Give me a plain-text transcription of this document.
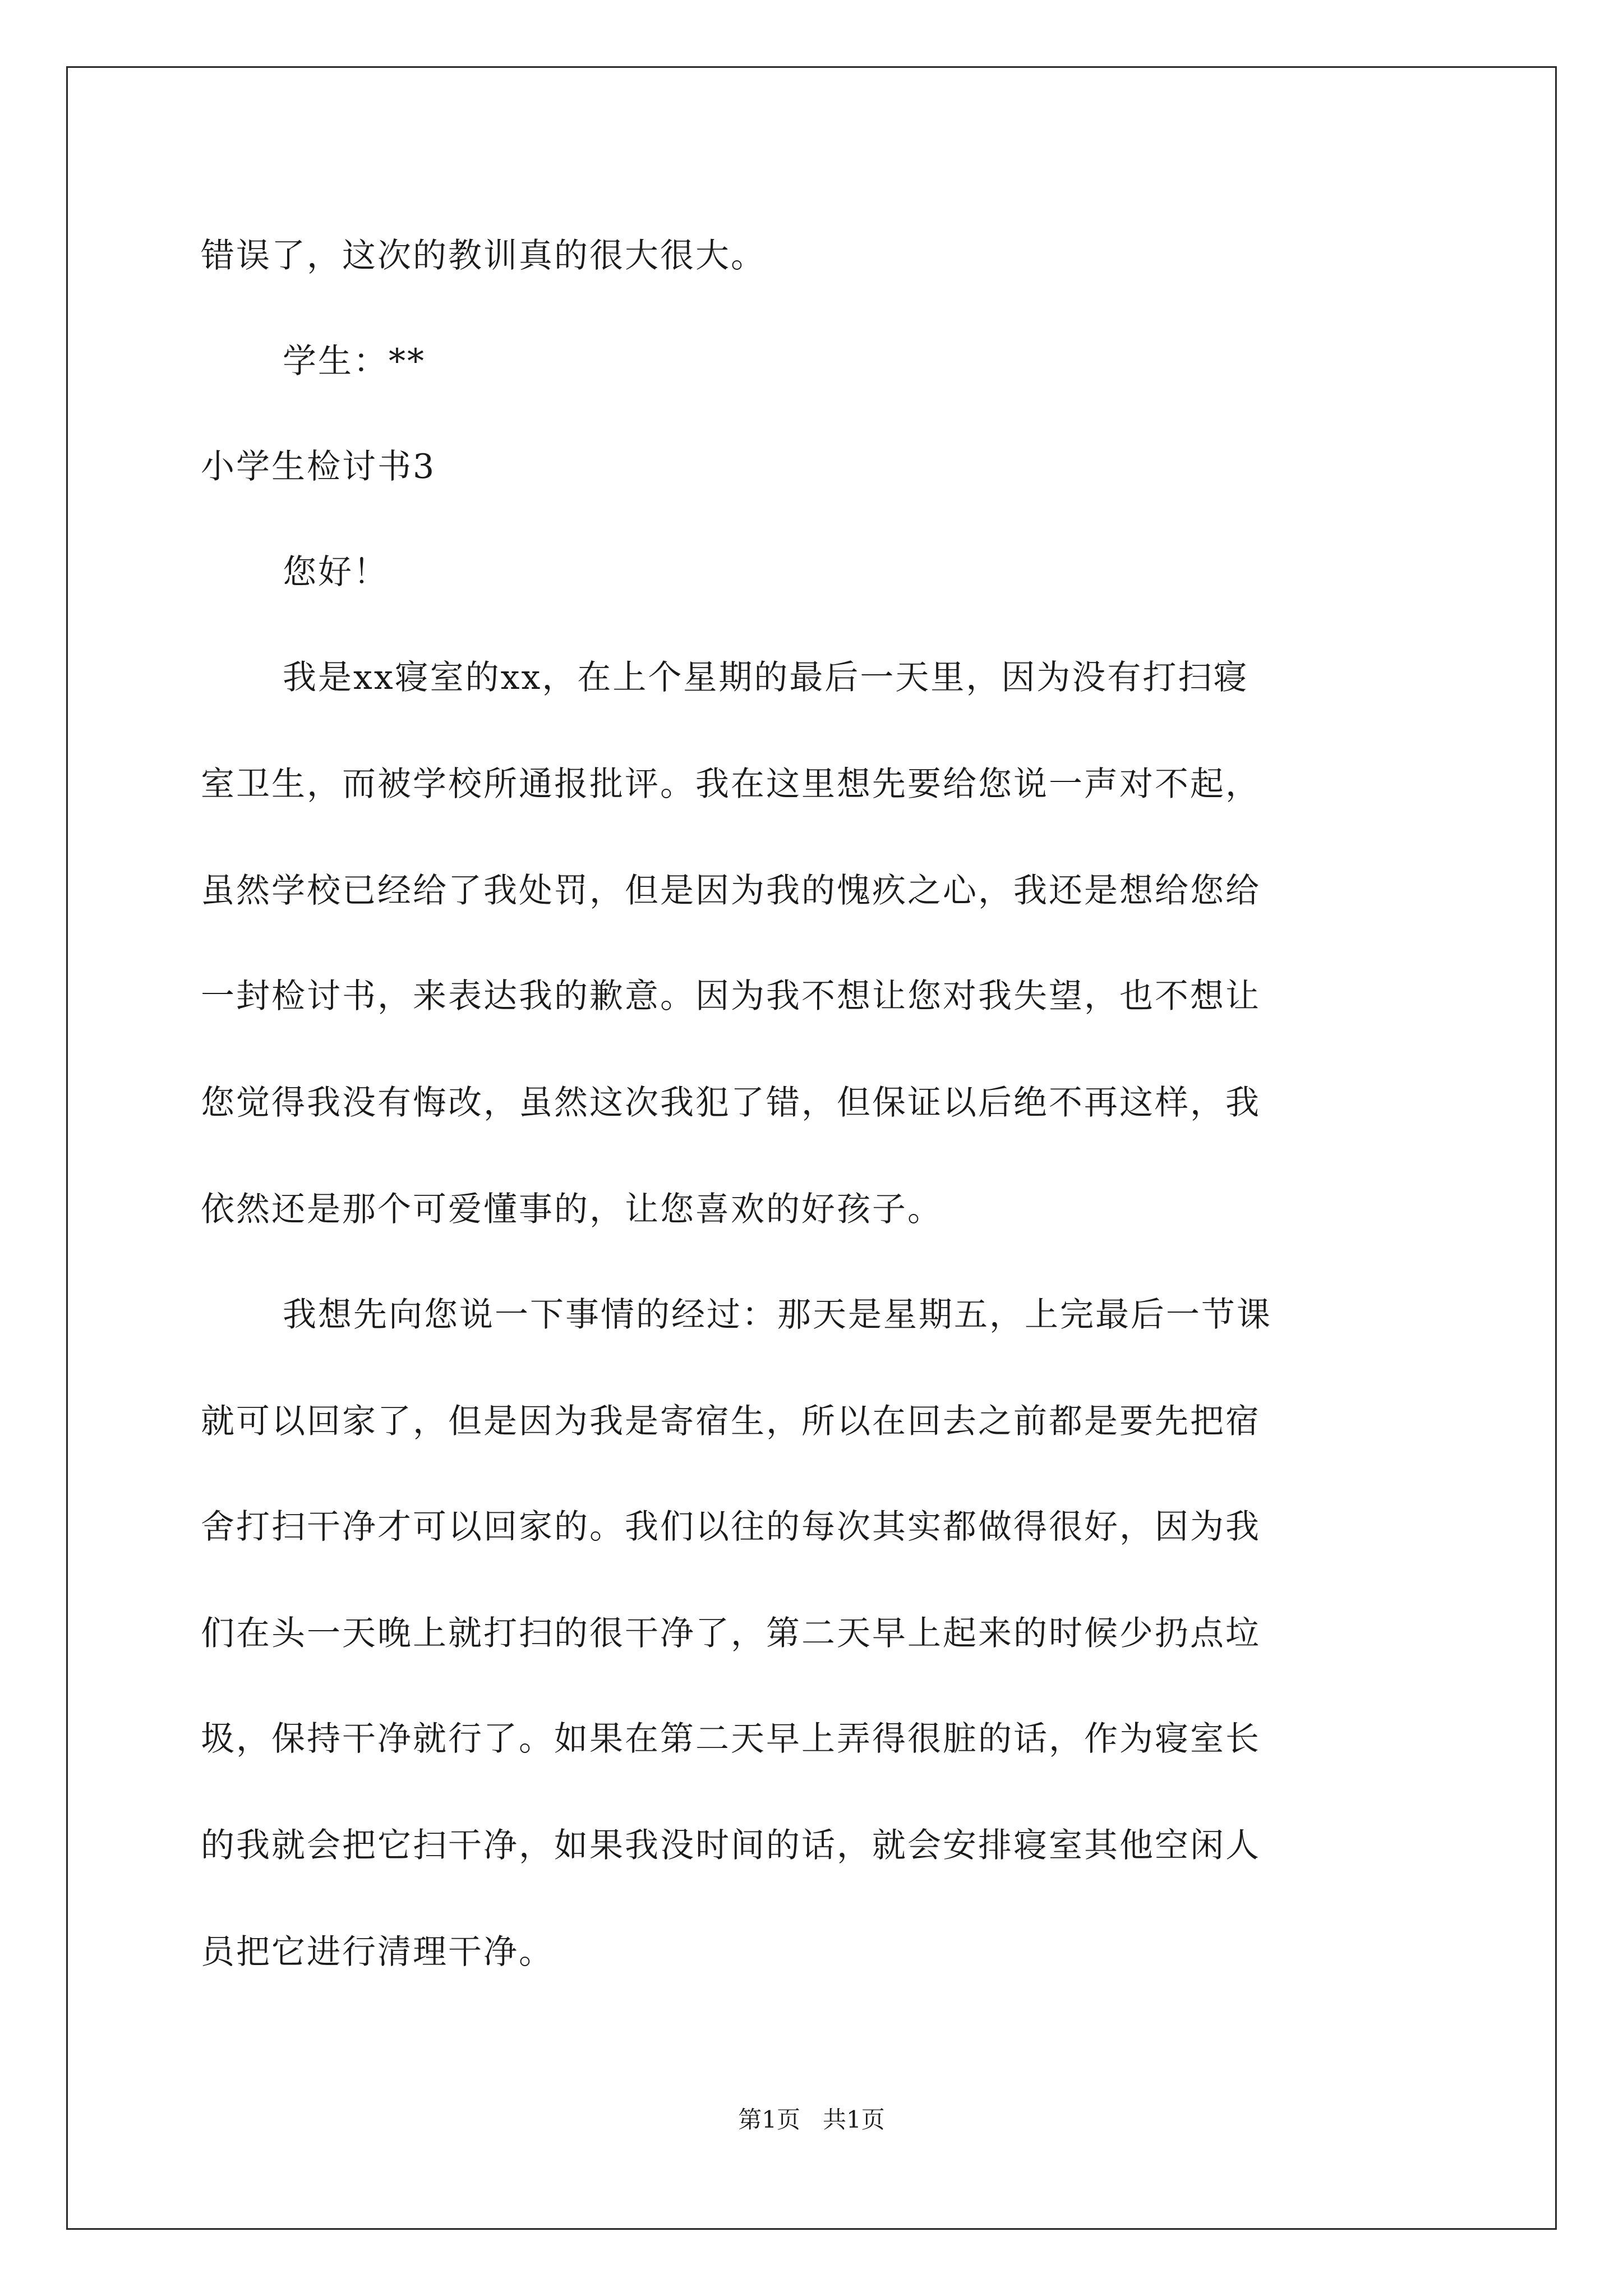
错误了，这次的教训真的很大很大。
学生：**
小学生检讨书3
您好！
我是xx寝室的xx，在上个星期的最后一天里，因为没有打扫寝
室卫生，而被学校所通报批评。我在这里想先要给您说一声对不起，
虽然学校已经给了我处罚，但是因为我的愧疚之心，我还是想给您给
一封检讨书，来表达我的歉意。因为我不想让您对我失望，也不想让
您觉得我没有悔改，虽然这次我犯了错，但保证以后绝不再这样，我
依然还是那个可爱懂事的，让您喜欢的好孩子。
我想先向您说一下事情的经过：那天是星期五，上完最后一节课
就可以回家了，但是因为我是寄宿生，所以在回去之前都是要先把宿
舍打扫干净才可以回家的。我们以往的每次其实都做得很好，因为我
们在头一天晚上就打扫的很干净了，第二天早上起来的时候少扔点垃
圾，保持干净就行了。如果在第二天早上弄得很脏的话，作为寝室长
的我就会把它扫干净，如果我没时间的话，就会安排寝室其他空闲人
员把它进行清理干净。
第1页   共1页
